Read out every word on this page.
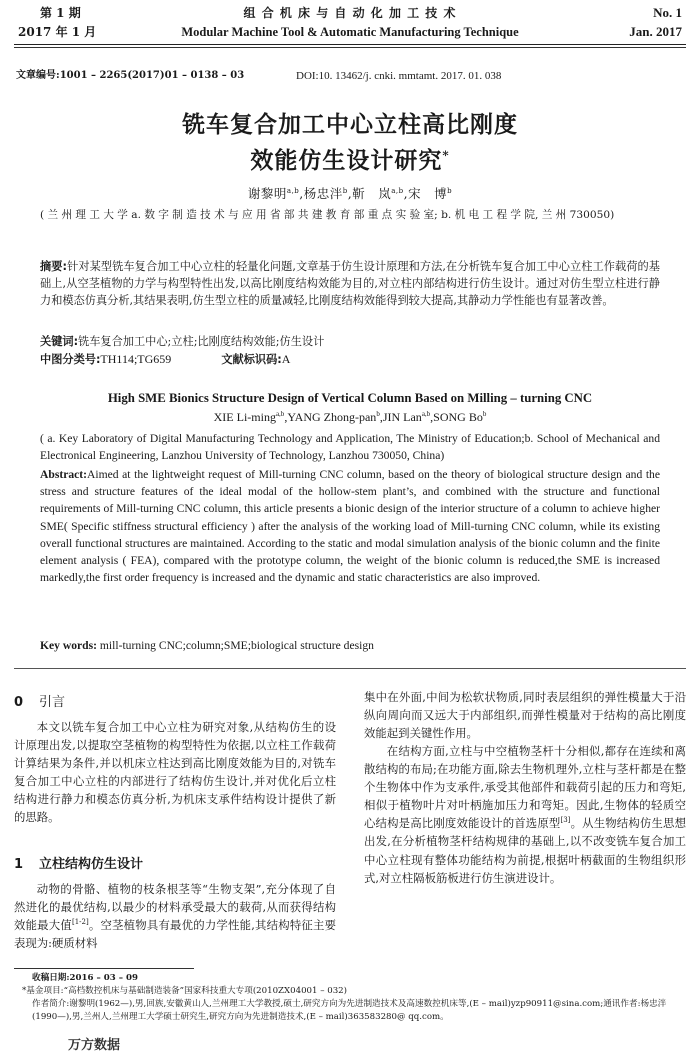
第 1 期
2017 年 1 月
组 合 机 床 与 自 动 化 加 工 技 术
Modular Machine Tool & Automatic Manufacturing Technique
No. 1
Jan. 2017
文章编号:1001 – 2265(2017)01 – 0138 – 03	DOI:10. 13462/j. cnki. mmtamt. 2017. 01. 038
铣车复合加工中心立柱高比刚度
效能仿生设计研究*
谢黎明$^{a,b}$,杨忠泮$^b$,靳　岚$^{a,b}$,宋　博$^b$
( 兰 州 理 工 大 学 a. 数 字 制 造 技 术 与 应 用 省 部 共 建 教 育 部 重 点 实 验 室; b. 机 电 工 程 学 院, 兰 州 730050)
摘要:针对某型铣车复合加工中心立柱的轻量化问题,文章基于仿生设计原理和方法,在分析铣车复合加工中心立柱工作载荷的基础上,从空茎植物的力学与构型特性出发,以高比刚度结构效能为目的,对立柱内部结构进行仿生设计。通过对仿生型立柱进行静力和模态仿真分析,其结果表明,仿生型立柱的质量减轻,比刚度结构效能得到较大提高,其静动力学性能也有显著改善。
关键词:铣车复合加工中心;立柱;比刚度结构效能;仿生设计
中图分类号:TH114;TG659	文献标识码:A
High SME Bionics Structure Design of Vertical Column Based on Milling – turning CNC
XIE Li-ming$^{a,b}$,YANG Zhong-pan$^b$,JIN Lan$^{a,b}$,SONG Bo$^b$
( a. Key Laboratory of Digital Manufacturing Technology and Application, The Ministry of Education;b. School of Mechanical and Electronical Engineering, Lanzhou University of Technology, Lanzhou 730050, China)
Abstract:Aimed at the lightweight request of Mill-turning CNC column, based on the theory of biological structure design and the stress and structure features of the ideal modal of the hollow-stem plant’s, and combined with the structure and functional requirements of Mill-turning CNC column, this article presents a bionic design of the interior structure of a column to achieve higher SME( Specific stiffness structural efficiency ) after the analysis of the working load of Mill-turning CNC column, while its existing overall functional structures are maintained. According to the static and modal simulation analysis of the bionic column and the finite element analysis ( FEA), compared with the prototype column, the weight of the bionic column is reduced,the SME is increased markedly,the first order frequency is increased and the dynamic and static characteristics are also improved.
Key words: mill-turning CNC;column;SME;biological structure design
0 引言
本文以铣车复合加工中心立柱为研究对象,从结构仿生的设计原理出发,以提取空茎植物的构型特性为依据,以立柱工作载荷计算结果为条件,并以机床立柱达到高比刚度效能为目的,对铣车复合加工中心立柱的内部进行了结构仿生设计,并对优化后立柱结构进行静力和模态仿真分析,为机床支承件结构设计提供了新的思路。
1 立柱结构仿生设计
动物的骨骼、植物的枝条根茎等“生物支架”,充分体现了自然进化的最优结构,以最少的材料承受最大的载荷,从而获得结构效能最大值[1-2]。空茎植物具有最优的力学性能,其结构特征主要表现为:硬质材料
集中在外面,中间为松软状物质,同时表层组织的弹性模量大于沿纵向周向而又远大于内部组织,而弹性模量对于结构的高比刚度效能起到关键性作用。
在结构方面,立柱与中空植物茎杆十分相似,都存在连续和离散结构的布局;在功能方面,除去生物机理外,立柱与茎杆都是在整个生物体中作为支承件,承受其他部件和载荷引起的压力和弯矩,相似于植物叶片对叶柄施加压力和弯矩。因此,生物体的轻质空心结构是高比刚度效能设计的首选原型[3]。从生物结构仿生思想出发,在分析植物茎杆结构规律的基础上,以不改变铣车复合加工中心立柱现有整体功能结构为前提,根据叶柄截面的生物组织形式,对立柱隔板筋板进行仿生演进设计。
收稿日期:2016 – 03 – 09
*基金项目:“高档数控机床与基础制造装备”国家科技重大专项(2010ZX04001 – 032)
作者简介:谢黎明(1962—),男,回族,安徽黄山人,兰州理工大学教授,硕士,研究方向为先进制造技术及高速数控机床等,(E – mail)yzp90911@sina.com;通讯作者:杨忠泮(1990—),男,兰州人,兰州理工大学硕士研究生,研究方向为先进制造技术,(E – mail)363583280@ qq.com。
万方数据
